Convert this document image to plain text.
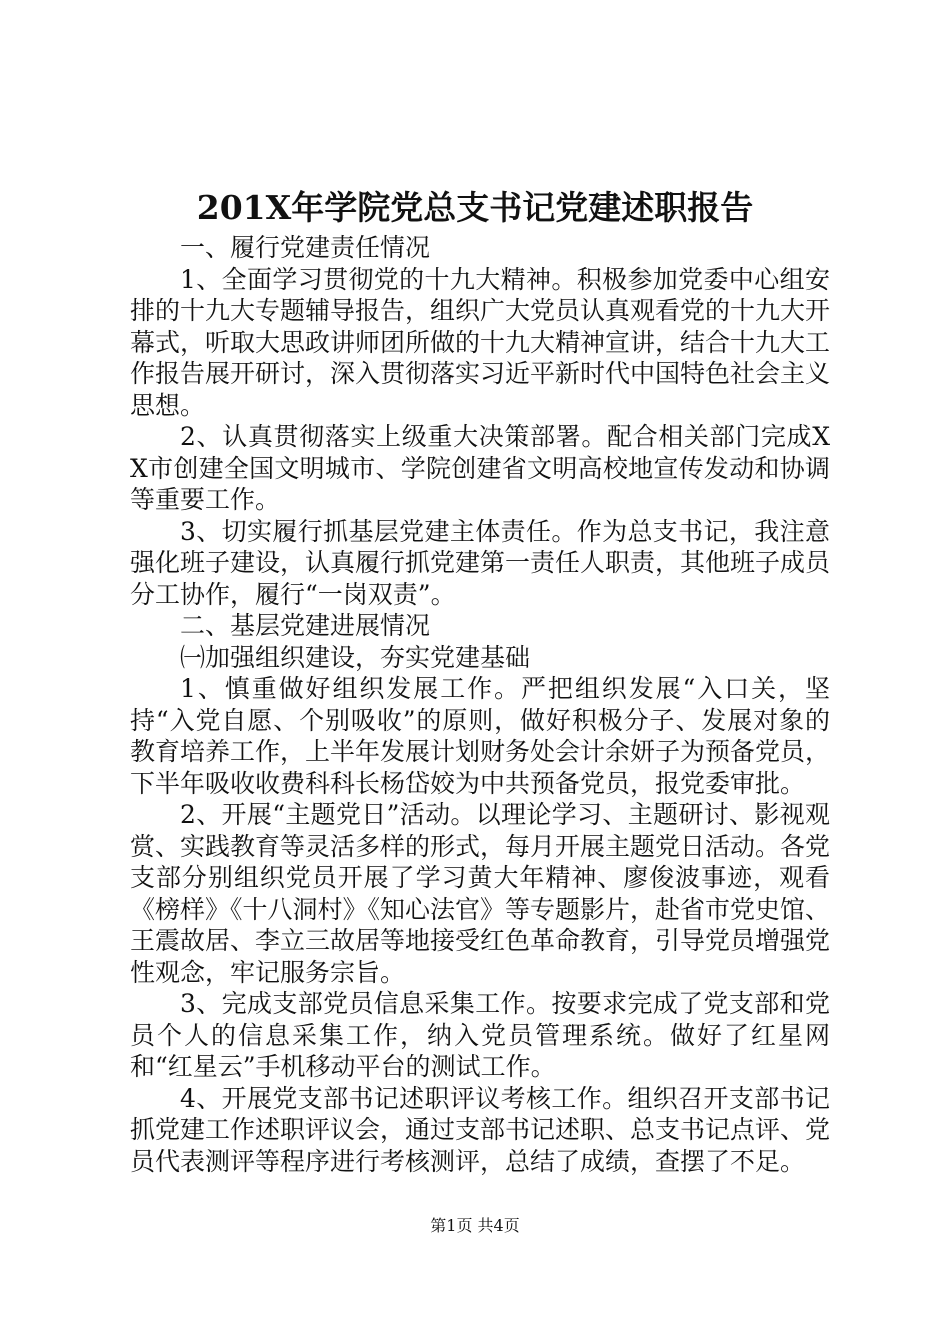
201X年学院党总支书记党建述职报告

一、履行党建责任情况

1、全面学习贯彻党的十九大精神。积极参加党委中心组安排的十九大专题辅导报告，组织广大党员认真观看党的十九大开幕式，听取大思政讲师团所做的十九大精神宣讲，结合十九大工作报告展开研讨，深入贯彻落实习近平新时代中国特色社会主义思想。

2、认真贯彻落实上级重大决策部署。配合相关部门完成XX市创建全国文明城市、学院创建省文明高校地宣传发动和协调等重要工作。

3、切实履行抓基层党建主体责任。作为总支书记，我注意强化班子建设，认真履行抓党建第一责任人职责，其他班子成员分工协作，履行“一岗双责”。

二、基层党建进展情况

㈠加强组织建设，夯实党建基础

1、慎重做好组织发展工作。严把组织发展“入口关，坚持“入党自愿、个别吸收”的原则，做好积极分子、发展对象的教育培养工作，上半年发展计划财务处会计余妍子为预备党员，下半年吸收收费科科长杨岱姣为中共预备党员，报党委审批。

2、开展“主题党日”活动。以理论学习、主题研讨、影视观赏、实践教育等灵活多样的形式，每月开展主题党日活动。各党支部分别组织党员开展了学习黄大年精神、廖俊波事迹，观看《榜样》《十八洞村》《知心法官》等专题影片，赴省市党史馆、王震故居、李立三故居等地接受红色革命教育，引导党员增强党性观念，牢记服务宗旨。

3、完成支部党员信息采集工作。按要求完成了党支部和党员个人的信息采集工作，纳入党员管理系统。做好了红星网和“红星云”手机移动平台的测试工作。

4、开展党支部书记述职评议考核工作。组织召开支部书记抓党建工作述职评议会，通过支部书记述职、总支书记点评、党员代表测评等程序进行考核测评，总结了成绩，查摆了不足。

第1页 共4页
